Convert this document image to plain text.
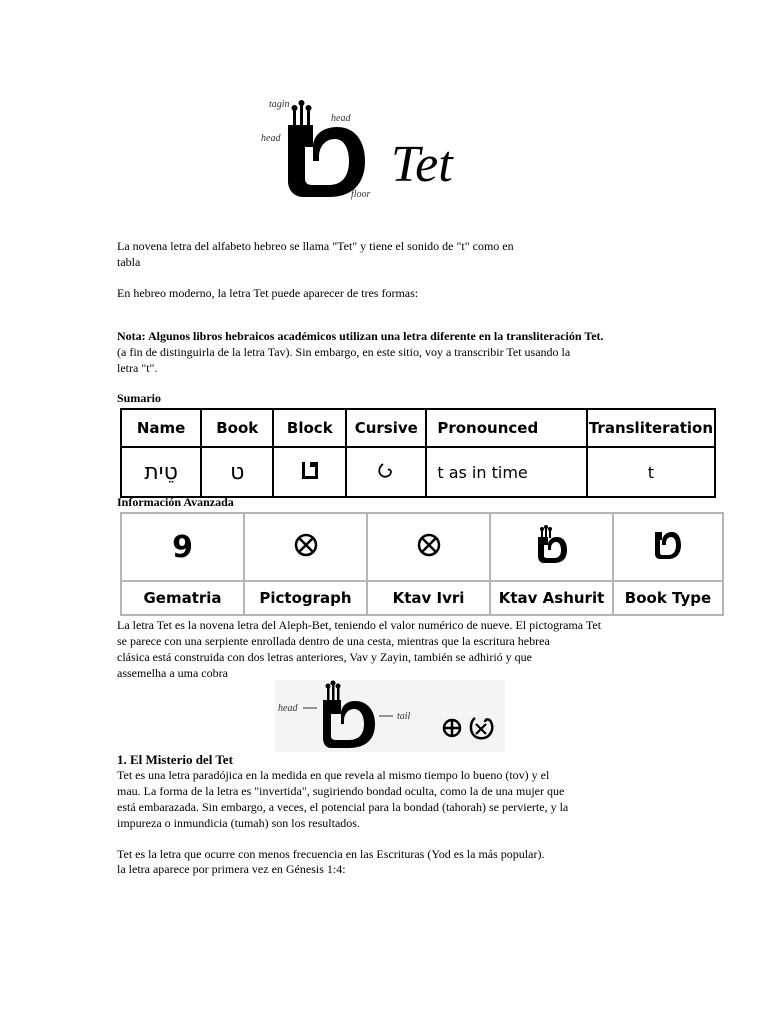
tagin
head
head
floor
Tet
La novena letra del alfabeto hebreo se llama "Tet" y tiene el sonido de "t" como en
tabla
En hebreo moderno, la letra Tet puede aparecer de tres formas:
Nota: Algunos libros hebraicos académicos utilizan una letra diferente en la transliteración Tet.
(a fin de distinguirla de la letra Tav). Sin embargo, en este sitio, voy a transcribir Tet usando la
letra "t".
Sumario
Name	Book	Block	Cursive	Pronounced	Transliteration
טֵית	ט			t as in time	t
Información Avanzada
9				
Gematria	Pictograph	Ktav Ivri	Ktav Ashurit	Book Type
La letra Tet es la novena letra del Aleph-Bet, teniendo el valor numérico de nueve. El pictograma Tet
se parece con una serpiente enrollada dentro de una cesta, mientras que la escritura hebrea
clásica está construida con dos letras anteriores, Vav y Zayin, también se adhirió y que
assemelha a uma cobra
head
tail
1. El Misterio del Tet
Tet es una letra paradójica en la medida en que revela al mismo tiempo lo bueno (tov) y el
mau. La forma de la letra es "invertida", sugiriendo bondad oculta, como la de una mujer que
está embarazada. Sin embargo, a veces, el potencial para la bondad (tahorah) se pervierte, y la
impureza o inmundicia (tumah) son los resultados.
Tet es la letra que ocurre con menos frecuencia en las Escrituras (Yod es la más popular).
la letra aparece por primera vez en Génesis 1:4:
